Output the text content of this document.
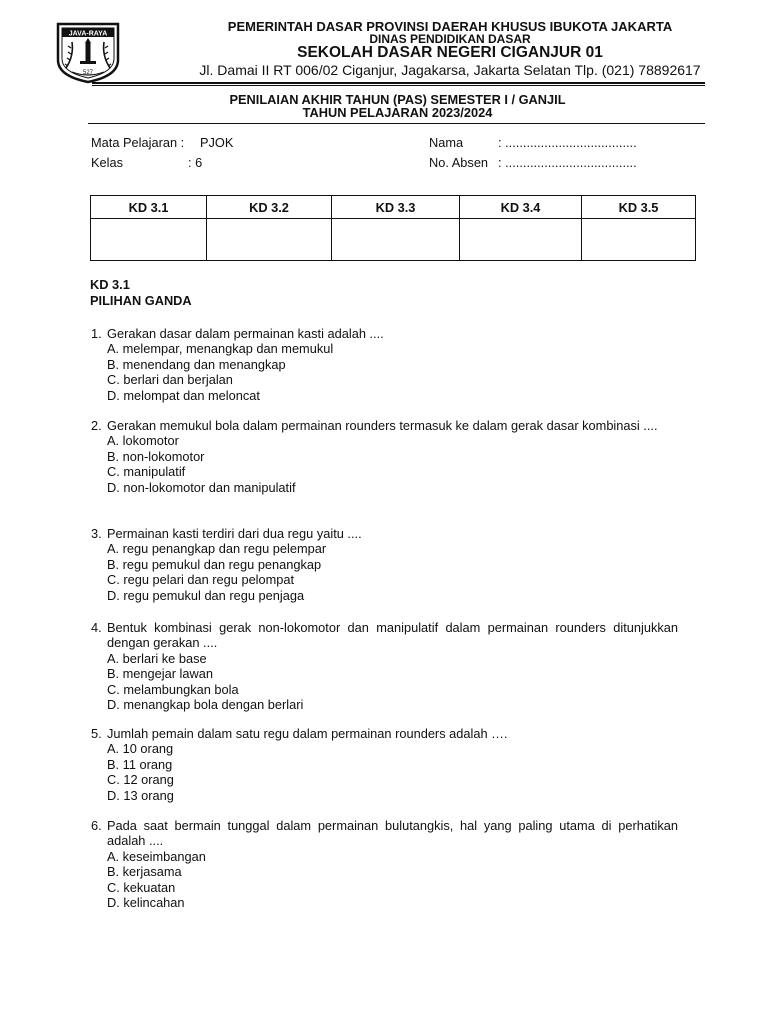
JAVA-RAYA
527
PEMERINTAH DASAR PROVINSI DAERAH KHUSUS IBUKOTA JAKARTA
DINAS PENDIDIKAN DASAR
SEKOLAH DASAR NEGERI CIGANJUR 01
Jl. Damai II RT 006/02 Ciganjur, Jagakarsa, Jakarta Selatan Tlp. (021) 78892617
PENILAIAN AKHIR TAHUN (PAS) SEMESTER I / GANJIL
TAHUN PELAJARAN 2023/2024
Mata Pelajaran : PJOK
Kelas	: 6
Nama	: .....................................
No. Absen : .....................................
KD 3.1	KD 3.2	KD 3.3	KD 3.4	KD 3.5

KD 3.1
PILIHAN GANDA
1. Gerakan dasar dalam permainan kasti adalah ....
A. melempar, menangkap dan memukul
B. menendang dan menangkap
C. berlari dan berjalan
D. melompat dan meloncat
2. Gerakan memukul bola dalam permainan rounders termasuk ke dalam gerak dasar kombinasi ....
A. lokomotor
B. non-lokomotor
C. manipulatif
D. non-lokomotor dan manipulatif
3. Permainan kasti terdiri dari dua regu yaitu ....
A. regu penangkap dan regu pelempar
B. regu pemukul dan regu penangkap
C. regu pelari dan regu pelompat
D. regu pemukul dan regu penjaga
4. Bentuk kombinasi gerak non-lokomotor dan manipulatif dalam permainan rounders ditunjukkan dengan gerakan ....
A. berlari ke base
B. mengejar lawan
C. melambungkan bola
D. menangkap bola dengan berlari
5. Jumlah pemain dalam satu regu dalam permainan rounders adalah ….
A. 10 orang
B. 11 orang
C. 12 orang
D. 13 orang
6. Pada saat bermain tunggal dalam permainan bulutangkis, hal yang paling utama di perhatikan adalah ....
A. keseimbangan
B. kerjasama
C. kekuatan
D. kelincahan
